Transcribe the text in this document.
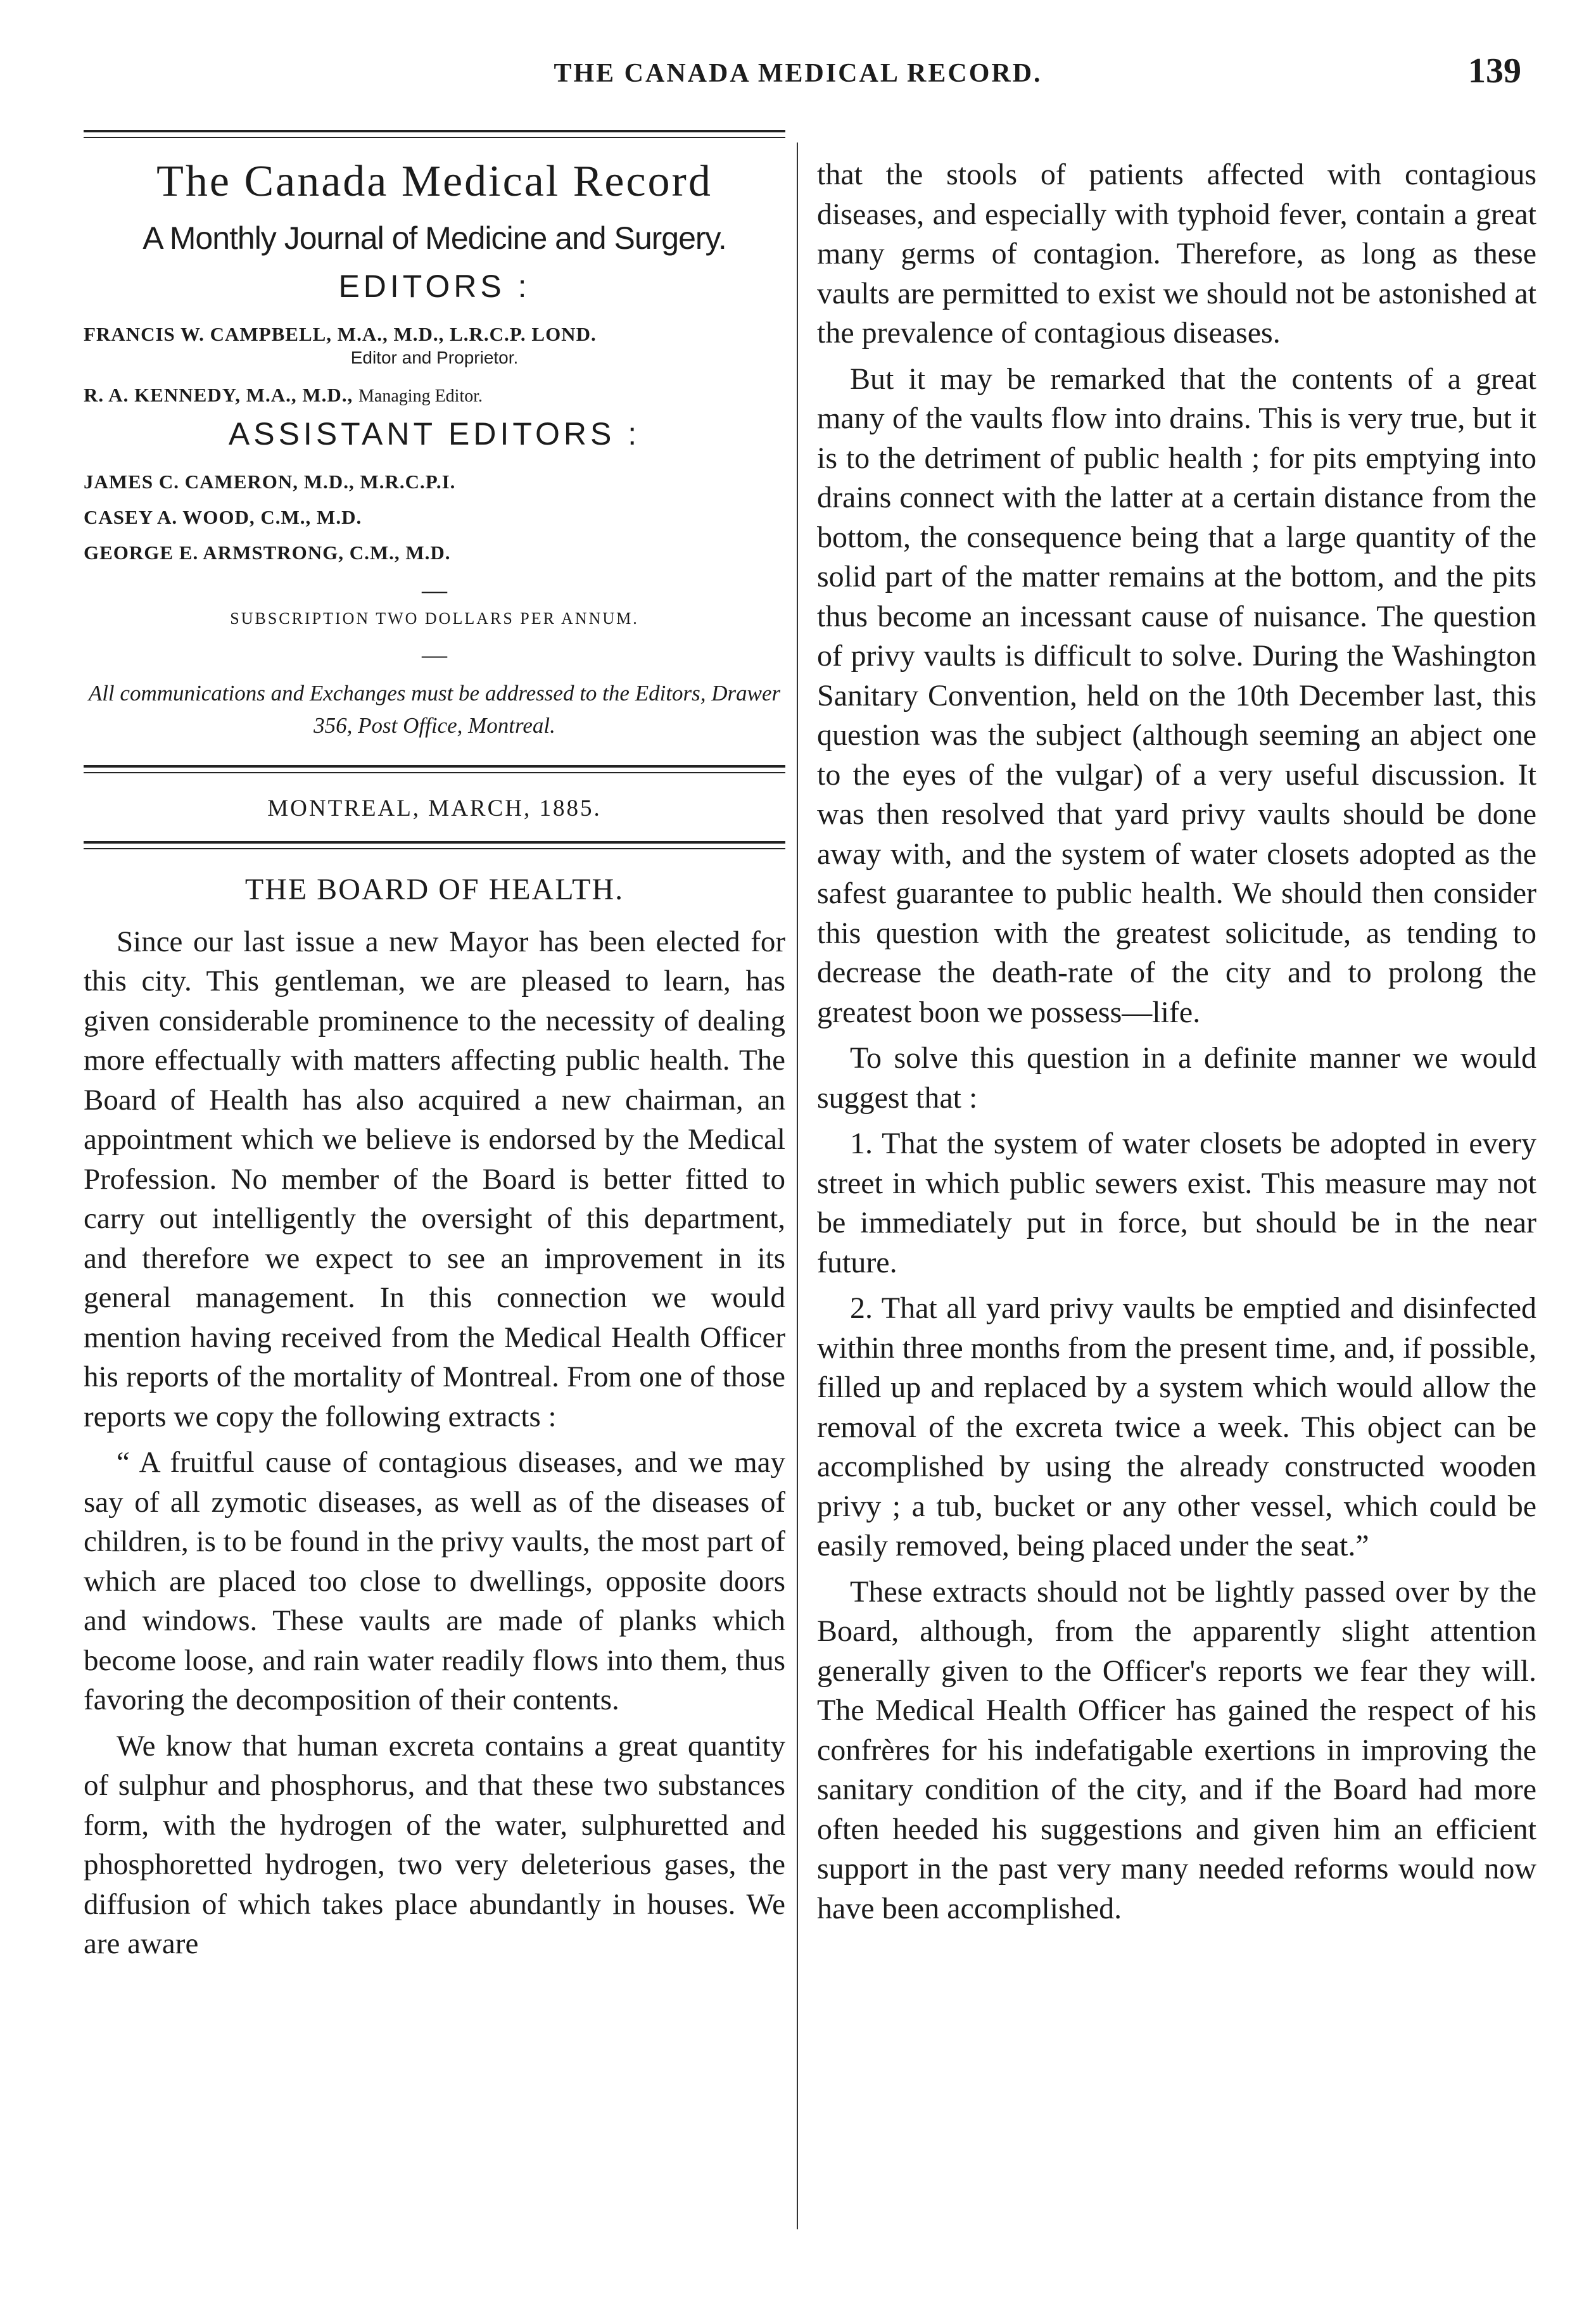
THE CANADA MEDICAL RECORD.	139
The Canada Medical Record
A Monthly Journal of Medicine and Surgery.
EDITORS :
FRANCIS W. CAMPBELL, M.A., M.D., L.R.C.P. LOND.
Editor and Proprietor.
R. A. KENNEDY, M.A., M.D., Managing Editor.
ASSISTANT EDITORS :
JAMES C. CAMERON, M.D., M.R.C.P.I.
CASEY A. WOOD, C.M., M.D.
GEORGE E. ARMSTRONG, C.M., M.D.
—
SUBSCRIPTION TWO DOLLARS PER ANNUM.
—
All communications and Exchanges must be addressed to the Editors, Drawer 356, Post Office, Montreal.
MONTREAL, MARCH, 1885.
THE BOARD OF HEALTH.

Since our last issue a new Mayor has been elected for this city. This gentleman, we are pleased to learn, has given considerable prominence to the necessity of dealing more effectually with matters affecting public health. The Board of Health has also acquired a new chairman, an appointment which we believe is endorsed by the Medical Profession. No member of the Board is better fitted to carry out intelligently the oversight of this department, and therefore we expect to see an improvement in its general management. In this connection we would mention having received from the Medical Health Officer his reports of the mortality of Montreal. From one of those reports we copy the following extracts :

“ A fruitful cause of contagious diseases, and we may say of all zymotic diseases, as well as of the diseases of children, is to be found in the privy vaults, the most part of which are placed too close to dwellings, opposite doors and windows. These vaults are made of planks which become loose, and rain water readily flows into them, thus favoring the decomposition of their contents.

We know that human excreta contains a great quantity of sulphur and phosphorus, and that these two substances form, with the hydrogen of the water, sulphuretted and phosphoretted hydrogen, two very deleterious gases, the diffusion of which takes place abundantly in houses. We are aware

that the stools of patients affected with contagious diseases, and especially with typhoid fever, contain a great many germs of contagion. Therefore, as long as these vaults are permitted to exist we should not be astonished at the prevalence of contagious diseases.

But it may be remarked that the contents of a great many of the vaults flow into drains. This is very true, but it is to the detriment of public health ; for pits emptying into drains connect with the latter at a certain distance from the bottom, the consequence being that a large quantity of the solid part of the matter remains at the bottom, and the pits thus become an incessant cause of nuisance. The question of privy vaults is difficult to solve. During the Washington Sanitary Convention, held on the 10th December last, this question was the subject (although seeming an abject one to the eyes of the vulgar) of a very useful discussion. It was then resolved that yard privy vaults should be done away with, and the system of water closets adopted as the safest guarantee to public health. We should then consider this question with the greatest solicitude, as tending to decrease the death-rate of the city and to prolong the greatest boon we possess—life.

To solve this question in a definite manner we would suggest that :

1. That the system of water closets be adopted in every street in which public sewers exist. This measure may not be immediately put in force, but should be in the near future.

2. That all yard privy vaults be emptied and disinfected within three months from the present time, and, if possible, filled up and replaced by a system which would allow the removal of the excreta twice a week. This object can be accomplished by using the already constructed wooden privy ; a tub, bucket or any other vessel, which could be easily removed, being placed under the seat.”

These extracts should not be lightly passed over by the Board, although, from the apparently slight attention generally given to the Officer's reports we fear they will. The Medical Health Officer has gained the respect of his confrères for his indefatigable exertions in improving the sanitary condition of the city, and if the Board had more often heeded his suggestions and given him an efficient support in the past very many needed reforms would now have been accomplished.
